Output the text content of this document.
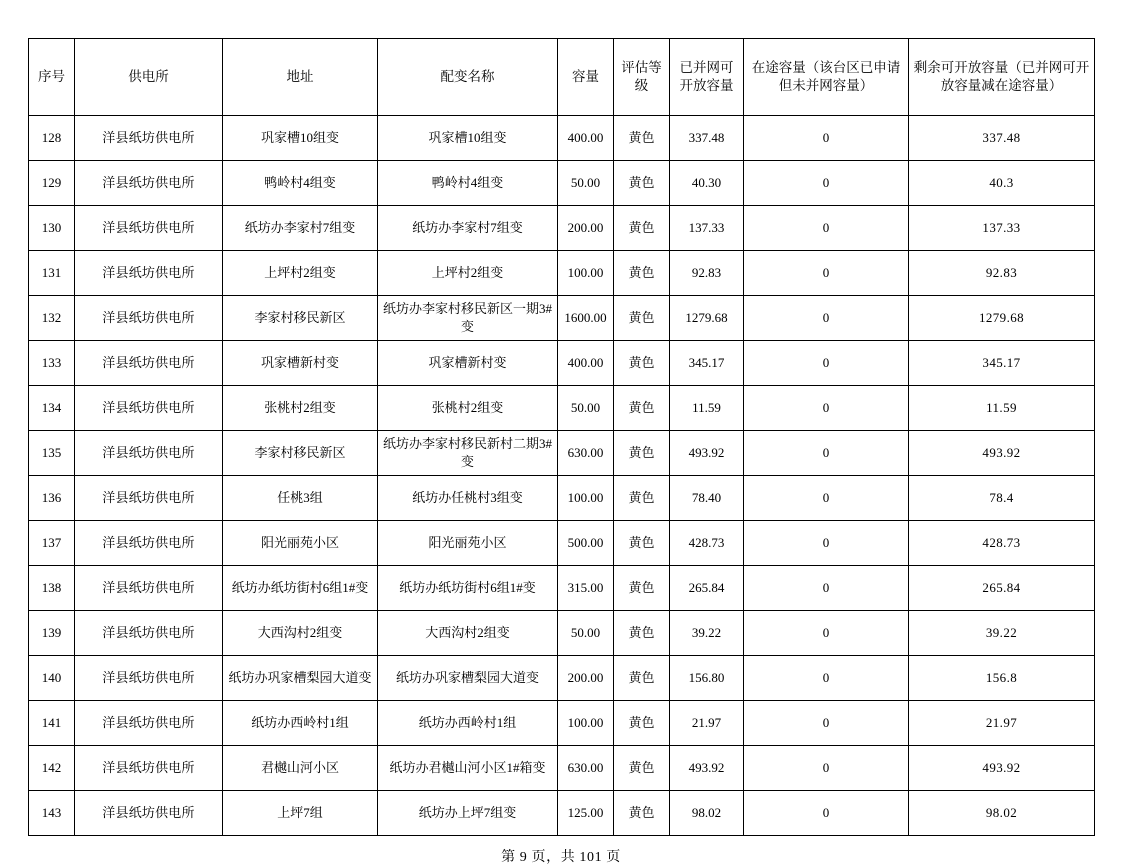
序号	供电所	地址	配变名称	容量	评估等级	已并网可开放容量	在途容量（该台区已申请但未并网容量）	剩余可开放容量（已并网可开放容量减在途容量）
128	洋县纸坊供电所	巩家槽10组变	巩家槽10组变	400.00	黄色	337.48	0	337.48
129	洋县纸坊供电所	鸭岭村4组变	鸭岭村4组变	50.00	黄色	40.30	0	40.3
130	洋县纸坊供电所	纸坊办李家村7组变	纸坊办李家村7组变	200.00	黄色	137.33	0	137.33
131	洋县纸坊供电所	上坪村2组变	上坪村2组变	100.00	黄色	92.83	0	92.83
132	洋县纸坊供电所	李家村移民新区	纸坊办李家村移民新区一期3#变	1600.00	黄色	1279.68	0	1279.68
133	洋县纸坊供电所	巩家槽新村变	巩家槽新村变	400.00	黄色	345.17	0	345.17
134	洋县纸坊供电所	张桃村2组变	张桃村2组变	50.00	黄色	11.59	0	11.59
135	洋县纸坊供电所	李家村移民新区	纸坊办李家村移民新村二期3#变	630.00	黄色	493.92	0	493.92
136	洋县纸坊供电所	任桃3组	纸坊办任桃村3组变	100.00	黄色	78.40	0	78.4
137	洋县纸坊供电所	阳光丽苑小区	阳光丽苑小区	500.00	黄色	428.73	0	428.73
138	洋县纸坊供电所	纸坊办纸坊街村6组1#变	纸坊办纸坊街村6组1#变	315.00	黄色	265.84	0	265.84
139	洋县纸坊供电所	大西沟村2组变	大西沟村2组变	50.00	黄色	39.22	0	39.22
140	洋县纸坊供电所	纸坊办巩家槽梨园大道变	纸坊办巩家槽梨园大道变	200.00	黄色	156.80	0	156.8
141	洋县纸坊供电所	纸坊办西岭村1组	纸坊办西岭村1组	100.00	黄色	21.97	0	21.97
142	洋县纸坊供电所	君樾山河小区	纸坊办君樾山河小区1#箱变	630.00	黄色	493.92	0	493.92
143	洋县纸坊供电所	上坪7组	纸坊办上坪7组变	125.00	黄色	98.02	0	98.02
第 9 页，共 101 页
